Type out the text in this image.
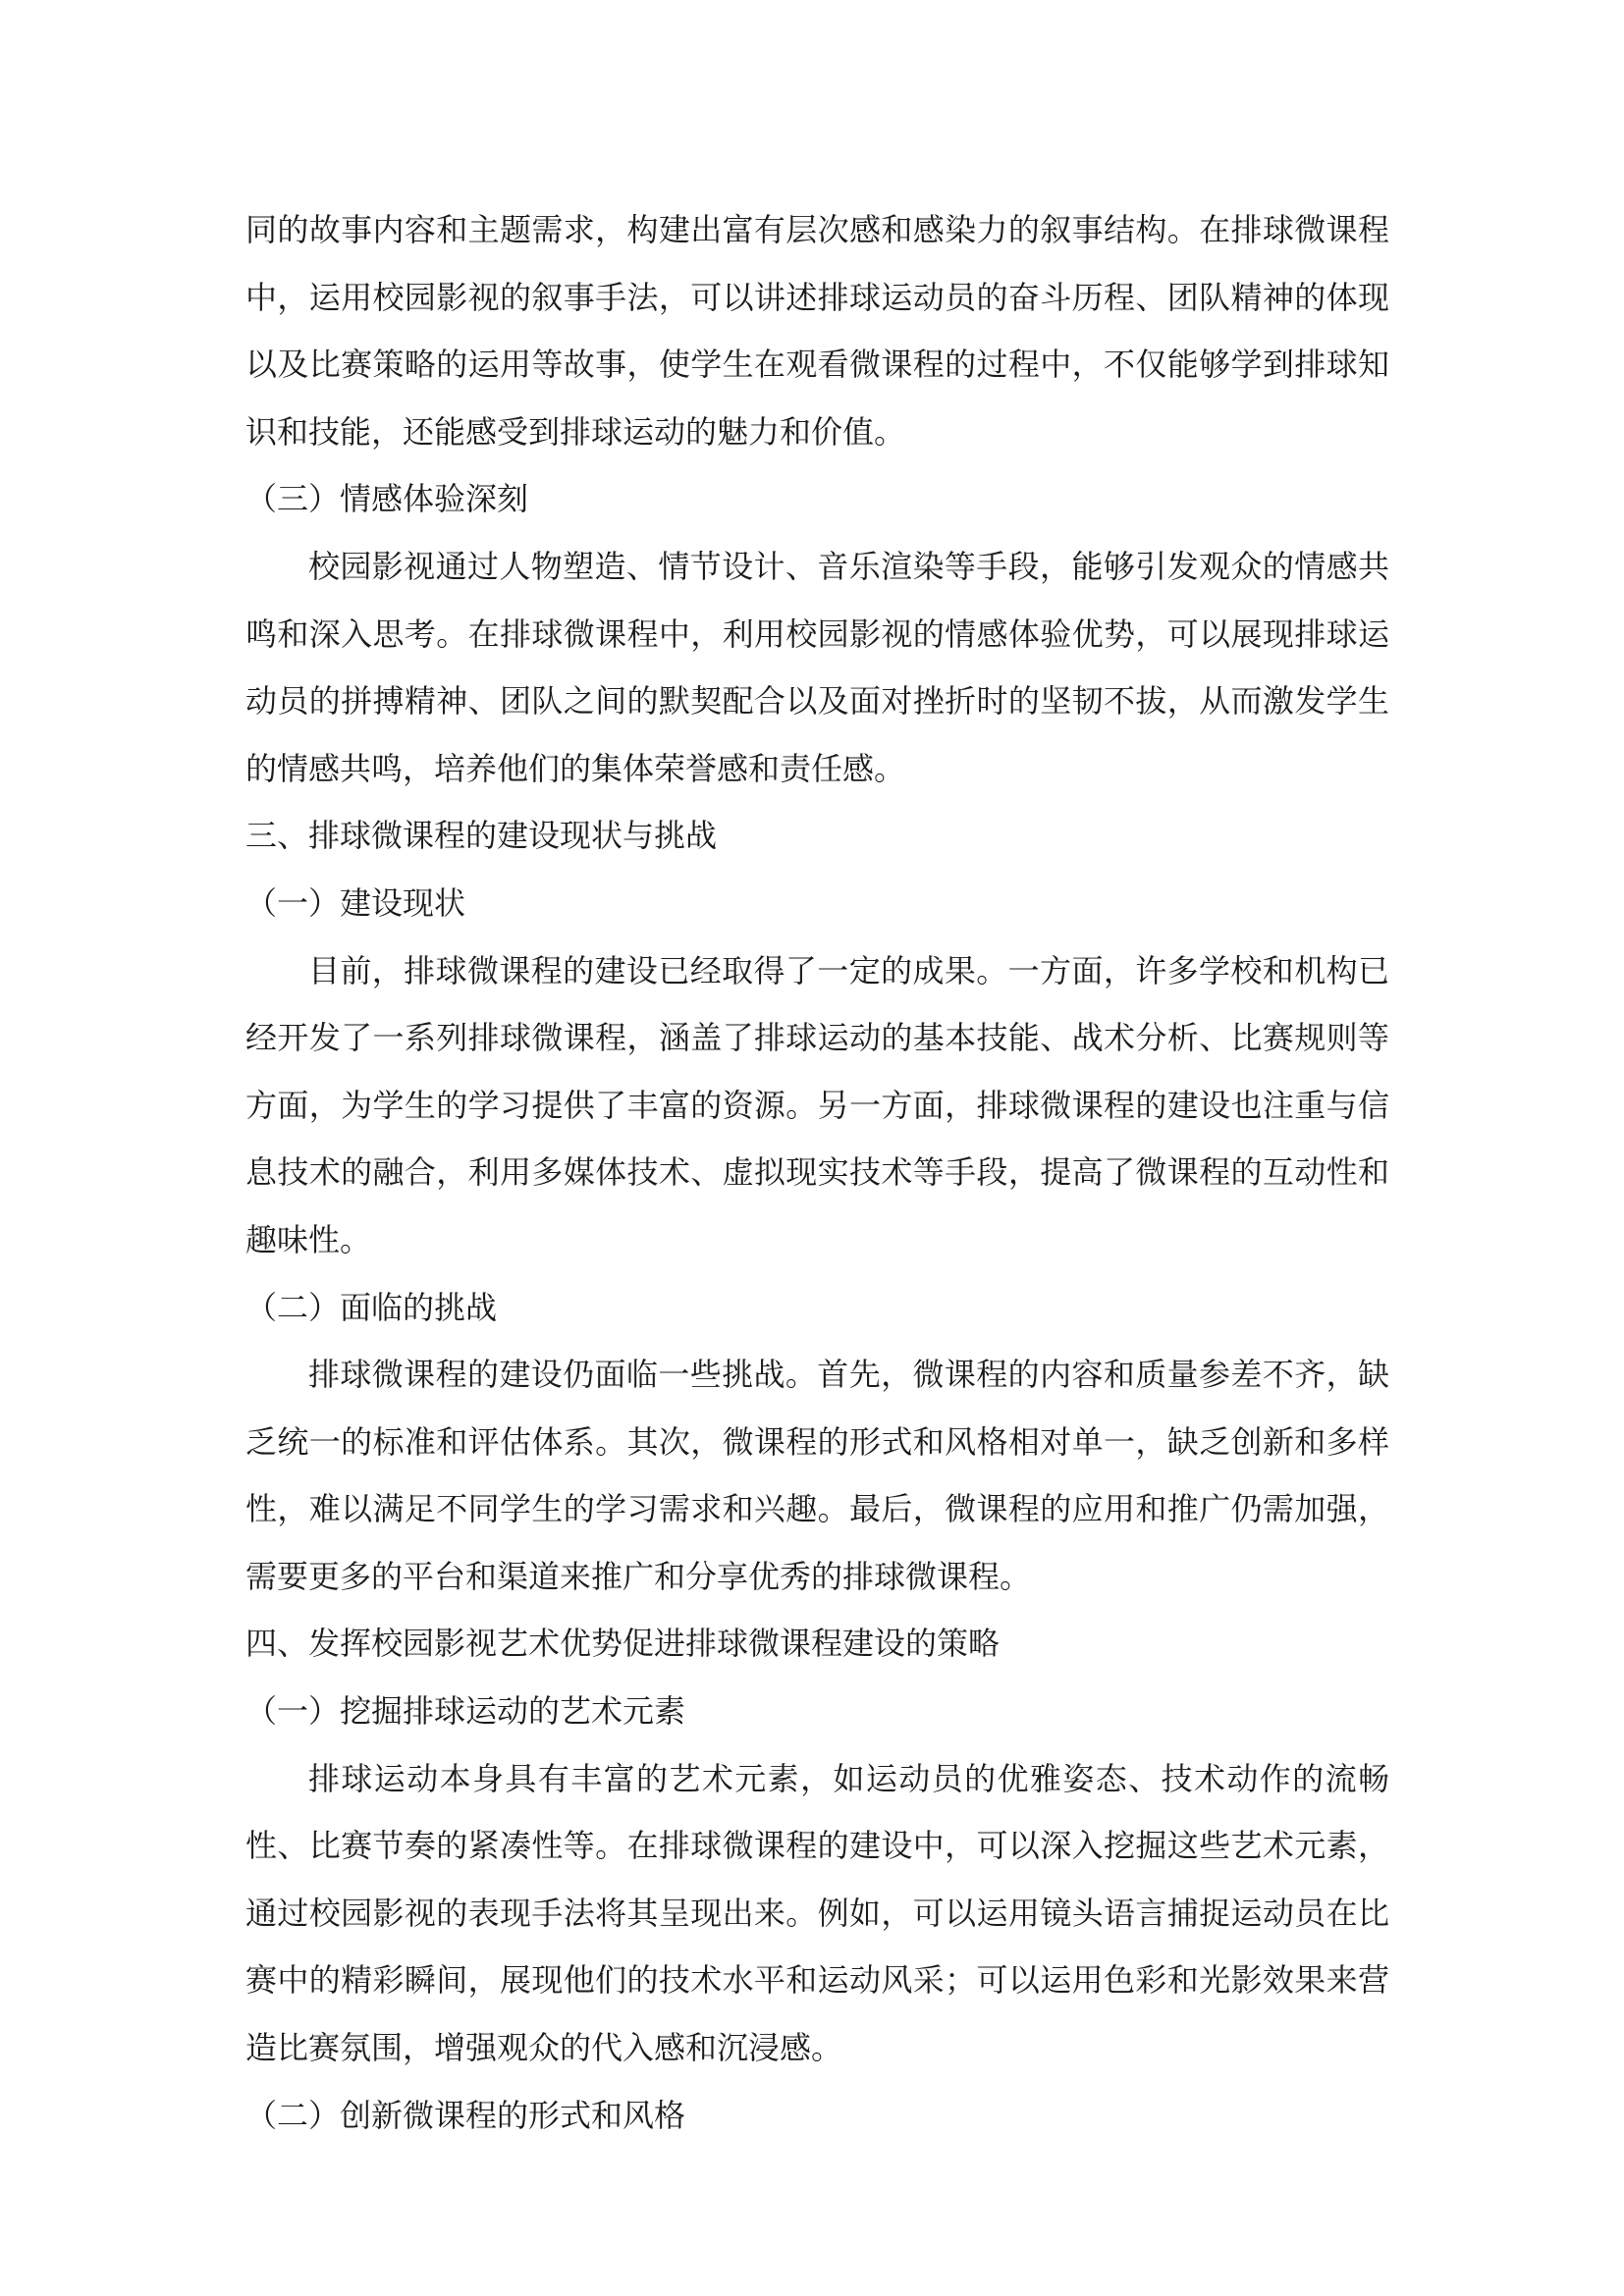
同的故事内容和主题需求，构建出富有层次感和感染力的叙事结构。在排球微课程中，运用校园影视的叙事手法，可以讲述排球运动员的奋斗历程、团队精神的体现以及比赛策略的运用等故事，使学生在观看微课程的过程中，不仅能够学到排球知识和技能，还能感受到排球运动的魅力和价值。

（三）情感体验深刻

校园影视通过人物塑造、情节设计、音乐渲染等手段，能够引发观众的情感共鸣和深入思考。在排球微课程中，利用校园影视的情感体验优势，可以展现排球运动员的拼搏精神、团队之间的默契配合以及面对挫折时的坚韧不拔，从而激发学生的情感共鸣，培养他们的集体荣誉感和责任感。

三、排球微课程的建设现状与挑战

（一）建设现状

目前，排球微课程的建设已经取得了一定的成果。一方面，许多学校和机构已经开发了一系列排球微课程，涵盖了排球运动的基本技能、战术分析、比赛规则等方面，为学生的学习提供了丰富的资源。另一方面，排球微课程的建设也注重与信息技术的融合，利用多媒体技术、虚拟现实技术等手段，提高了微课程的互动性和趣味性。

（二）面临的挑战

排球微课程的建设仍面临一些挑战。首先，微课程的内容和质量参差不齐，缺乏统一的标准和评估体系。其次，微课程的形式和风格相对单一，缺乏创新和多样性，难以满足不同学生的学习需求和兴趣。最后，微课程的应用和推广仍需加强，需要更多的平台和渠道来推广和分享优秀的排球微课程。

四、发挥校园影视艺术优势促进排球微课程建设的策略

（一）挖掘排球运动的艺术元素

排球运动本身具有丰富的艺术元素，如运动员的优雅姿态、技术动作的流畅性、比赛节奏的紧凑性等。在排球微课程的建设中，可以深入挖掘这些艺术元素，通过校园影视的表现手法将其呈现出来。例如，可以运用镜头语言捕捉运动员在比赛中的精彩瞬间，展现他们的技术水平和运动风采；可以运用色彩和光影效果来营造比赛氛围，增强观众的代入感和沉浸感。

（二）创新微课程的形式和风格
